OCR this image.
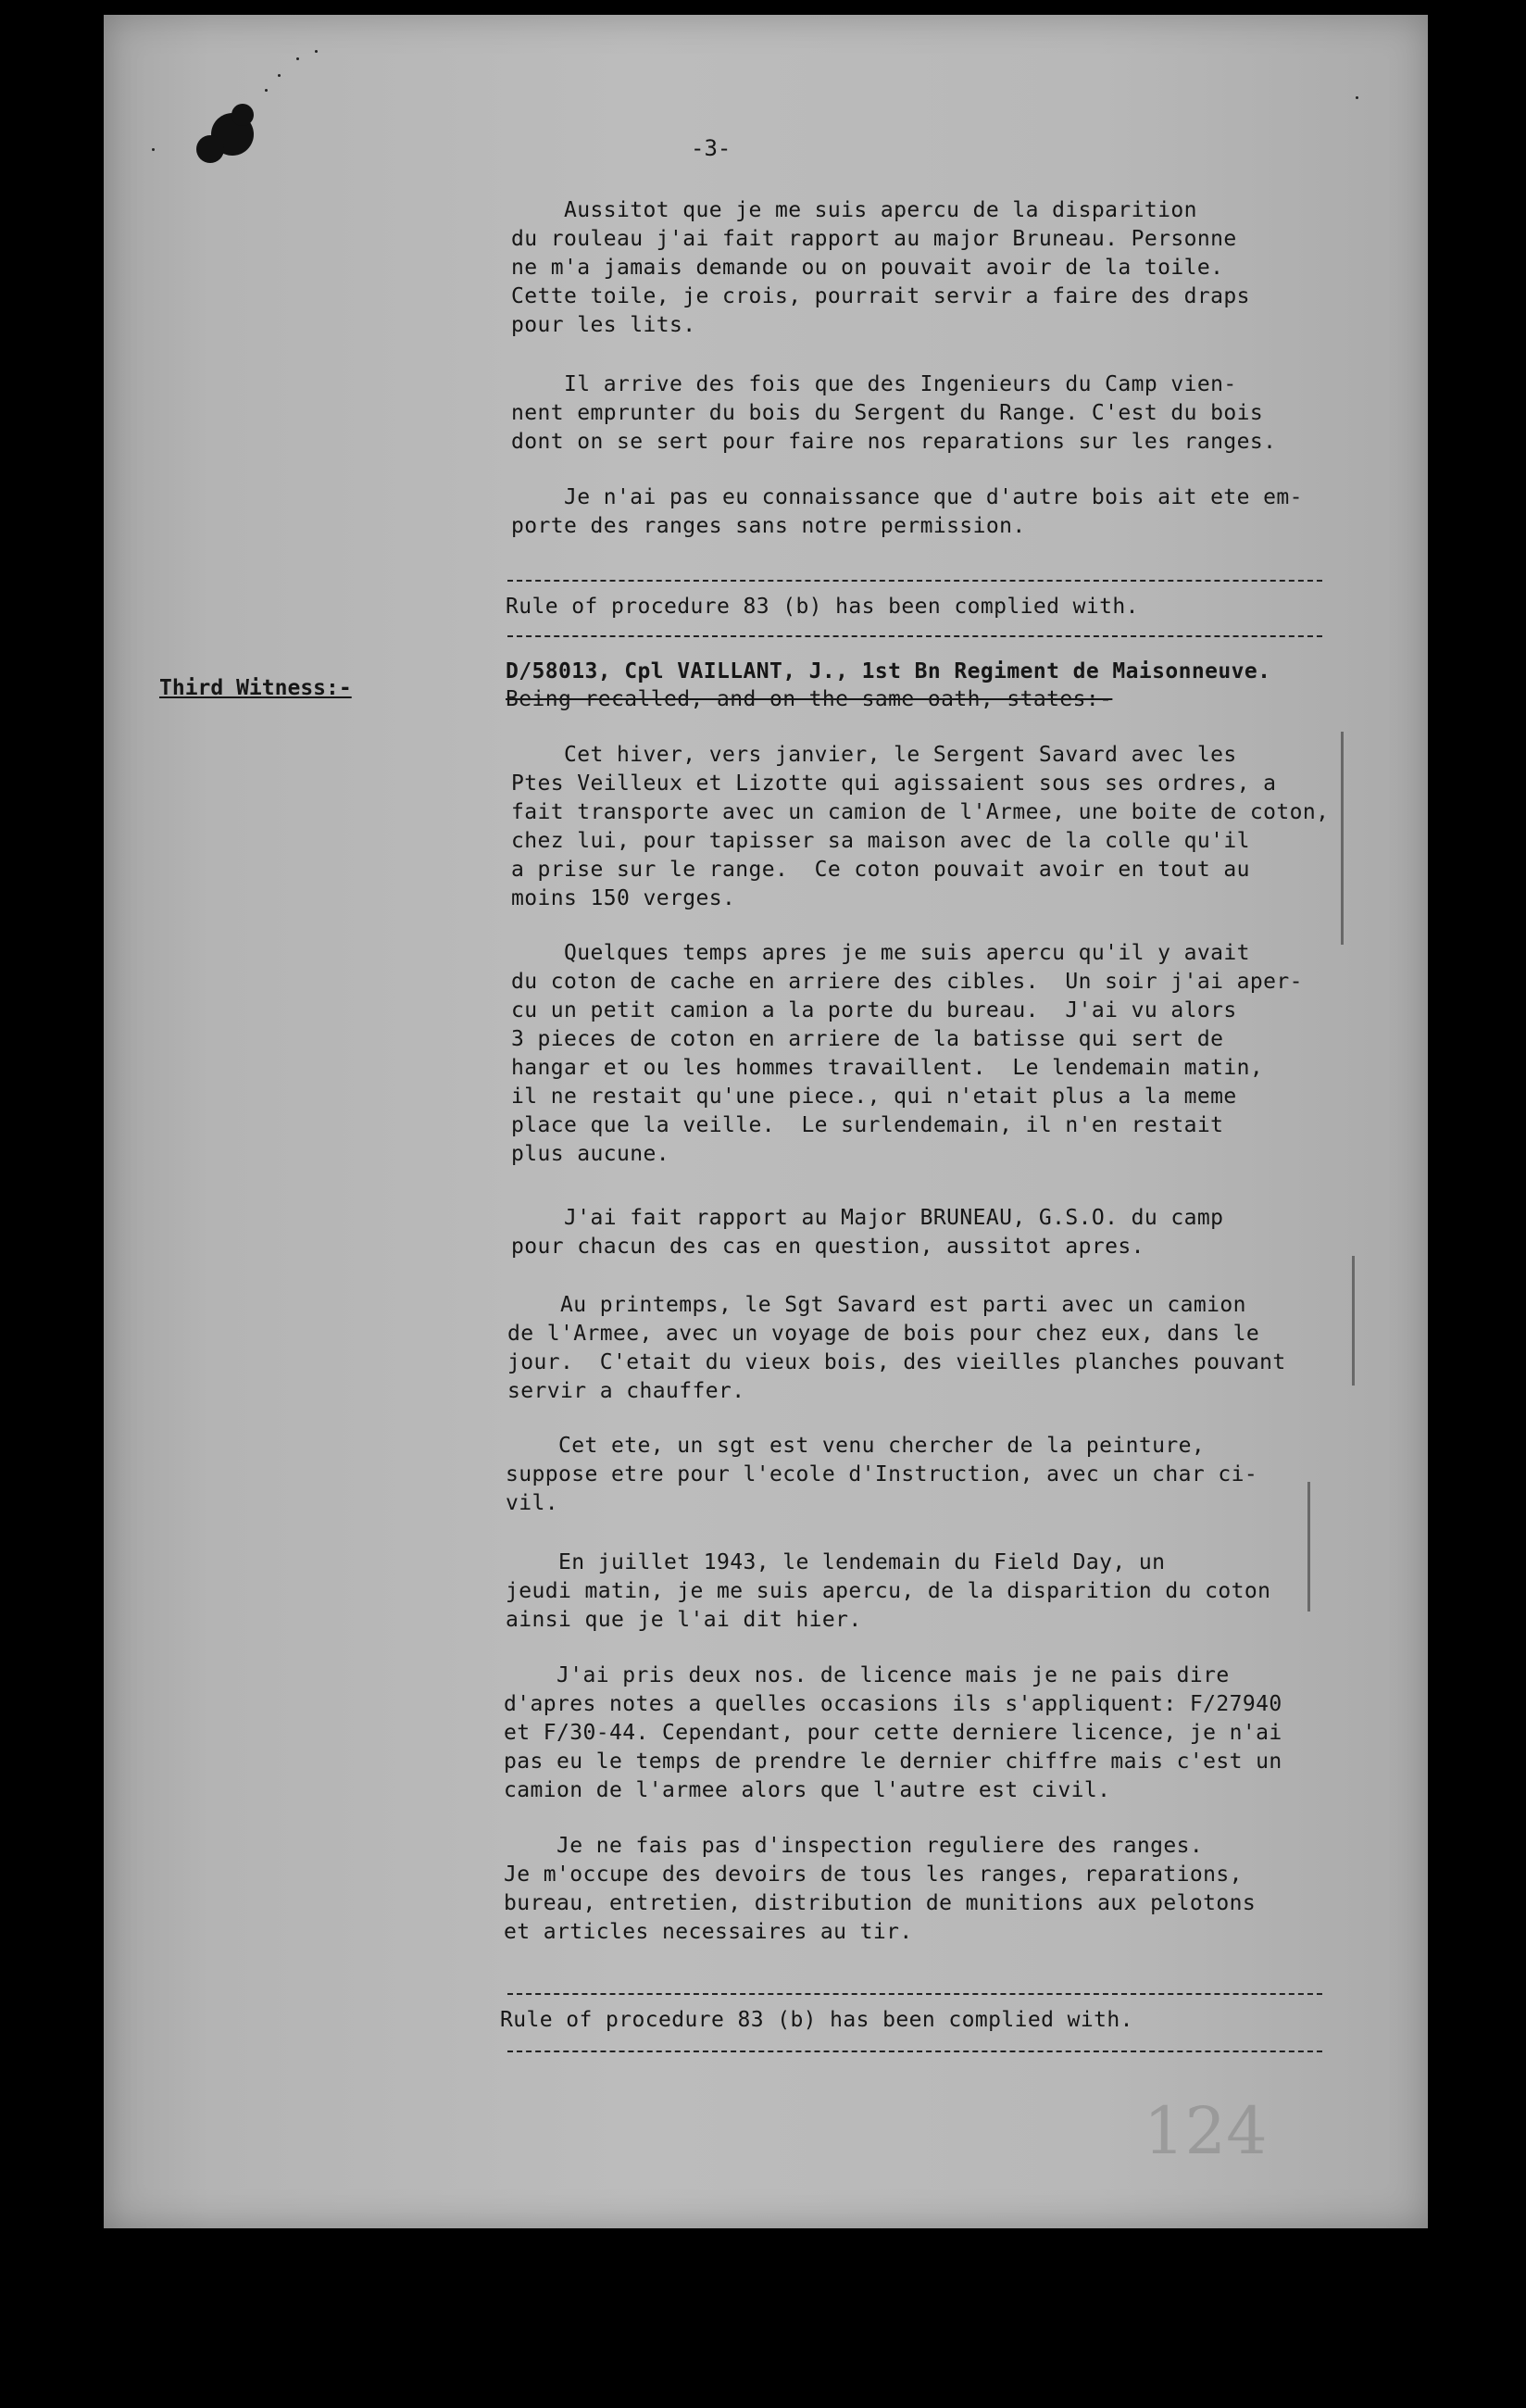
-3-
Aussitot que je me suis apercu de la disparition
du rouleau j'ai fait rapport au major Bruneau. Personne
ne m'a jamais demande ou on pouvait avoir de la toile.
Cette toile, je crois, pourrait servir a faire des draps
pour les lits.
Il arrive des fois que des Ingenieurs du Camp vien-
nent emprunter du bois du Sergent du Range. C'est du bois
dont on se sert pour faire nos reparations sur les ranges.
Je n'ai pas eu connaissance que d'autre bois ait ete em-
porte des ranges sans notre permission.
Rule of procedure 83 (b) has been complied with.
Third Witness:-
D/58013, Cpl VAILLANT, J., 1st Bn Regiment de Maisonneuve.
Being recalled, and on the same oath, states:-
Cet hiver, vers janvier, le Sergent Savard avec les
Ptes Veilleux et Lizotte qui agissaient sous ses ordres, a
fait transporte avec un camion de l'Armee, une boite de coton,
chez lui, pour tapisser sa maison avec de la colle qu'il
a prise sur le range.  Ce coton pouvait avoir en tout au
moins 150 verges.
Quelques temps apres je me suis apercu qu'il y avait
du coton de cache en arriere des cibles.  Un soir j'ai aper-
cu un petit camion a la porte du bureau.  J'ai vu alors
3 pieces de coton en arriere de la batisse qui sert de
hangar et ou les hommes travaillent.  Le lendemain matin,
il ne restait qu'une piece., qui n'etait plus a la meme
place que la veille.  Le surlendemain, il n'en restait
plus aucune.
J'ai fait rapport au Major BRUNEAU, G.S.O. du camp
pour chacun des cas en question, aussitot apres.
Au printemps, le Sgt Savard est parti avec un camion
de l'Armee, avec un voyage de bois pour chez eux, dans le
jour.  C'etait du vieux bois, des vieilles planches pouvant
servir a chauffer.
Cet ete, un sgt est venu chercher de la peinture,
suppose etre pour l'ecole d'Instruction, avec un char ci-
vil.
En juillet 1943, le lendemain du Field Day, un
jeudi matin, je me suis apercu, de la disparition du coton
ainsi que je l'ai dit hier.
J'ai pris deux nos. de licence mais je ne pais dire
d'apres notes a quelles occasions ils s'appliquent: F/27940
et F/30-44. Cependant, pour cette derniere licence, je n'ai
pas eu le temps de prendre le dernier chiffre mais c'est un
camion de l'armee alors que l'autre est civil.
Je ne fais pas d'inspection reguliere des ranges.
Je m'occupe des devoirs de tous les ranges, reparations,
bureau, entretien, distribution de munitions aux pelotons
et articles necessaires au tir.
Rule of procedure 83 (b) has been complied with.
124
